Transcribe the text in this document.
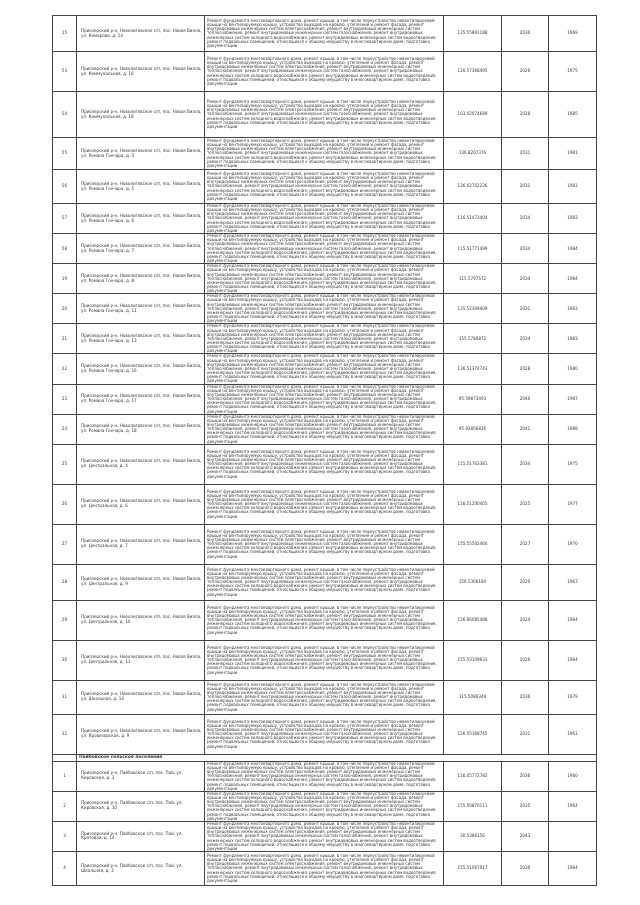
15	Приозерский р-н, Новолиговское с/п, пос. Новая Вилла, ул. Комарова, д. 14	Ремонт фундамента многоквартирного дома, ремонт крыши, в том числе переустройство невентилируемой крыши на вентилируемую крышу, устройство выходов на кровлю, утепление и ремонт фасада, ремонт внутридомовых инженерных систем электроснабжения, ремонт внутридомовых инженерных систем теплоснабжения, ремонт внутридомовых инженерных систем газоснабжения, ремонт внутридомовых инженерных систем холодного водоснабжения, ремонт внутридомовых инженерных систем водоотведения, ремонт подвальных помещений, относящихся к общему имуществу в многоквартирном доме, подготовка документации	135.55891188	2030	1969
53	Приозерский р-н, Новолиговское с/п, пос. Новая Вилла, ул. Коммунальная, д. 16	Ремонт фундамента многоквартирного дома, ремонт крыши, в том числе переустройство невентилируемой крыши на вентилируемую крышу, устройство выходов на кровлю, утепление и ремонт фасада, ремонт внутридомовых инженерных систем электроснабжения, ремонт внутридомовых инженерных систем теплоснабжения, ремонт внутридомовых инженерных систем газоснабжения, ремонт внутридомовых инженерных систем холодного водоснабжения, ремонт внутридомовых инженерных систем водоотведения, ремонт подвальных помещений, относящихся к общему имуществу в многоквартирном доме, подготовка документации	116.57368495	2026	1975
54	Приозерский р-н, Новолиговское с/п, пос. Новая Вилла, ул. Коммунальная, д. 18	Ремонт фундамента многоквартирного дома, ремонт крыши, в том числе переустройство невентилируемой крыши на вентилируемую крышу, устройство выходов на кровлю, утепление и ремонт фасада, ремонт внутридомовых инженерных систем электроснабжения, ремонт внутридомовых инженерных систем теплоснабжения, ремонт внутридомовых инженерных систем газоснабжения, ремонт внутридомовых инженерных систем холодного водоснабжения, ремонт внутридомовых инженерных систем водоотведения, ремонт подвальных помещений, относящихся к общему имуществу в многоквартирном доме, подготовка документации	103.02074689	2028	1985
55	Приозерский р-н, Новолиговское с/п, пос. Новая Вилла, ул. Романа Гончара, д. 3	Ремонт фундамента многоквартирного дома, ремонт крыши, в том числе переустройство невентилируемой крыши на вентилируемую крышу, устройство выходов на кровлю, утепление и ремонт фасада, ремонт внутридомовых инженерных систем электроснабжения, ремонт внутридомовых инженерных систем теплоснабжения, ремонт внутридомовых инженерных систем газоснабжения, ремонт внутридомовых инженерных систем холодного водоснабжения, ремонт внутридомовых инженерных систем водоотведения, ремонт подвальных помещений, относящихся к общему имуществу в многоквартирном доме, подготовка документации	136.8207376	2031	1981
56	Приозерский р-н, Новолиговское с/п, пос. Новая Вилла, ул. Романа Гончара, д. 5	Ремонт фундамента многоквартирного дома, ремонт крыши, в том числе переустройство невентилируемой крыши на вентилируемую крышу, устройство выходов на кровлю, утепление и ремонт фасада, ремонт внутридомовых инженерных систем электроснабжения, ремонт внутридомовых инженерных систем теплоснабжения, ремонт внутридомовых инженерных систем газоснабжения, ремонт внутридомовых инженерных систем холодного водоснабжения, ремонт внутридомовых инженерных систем водоотведения, ремонт подвальных помещений, относящихся к общему имуществу в многоквартирном доме, подготовка документации	136.02702236	2031	1981
57	Приозерский р-н, Новолиговское с/п, пос. Новая Вилла, ул. Романа Гончара, д. 6	Ремонт фундамента многоквартирного дома, ремонт крыши, в том числе переустройство невентилируемой крыши на вентилируемую крышу, устройство выходов на кровлю, утепление и ремонт фасада, ремонт внутридомовых инженерных систем электроснабжения, ремонт внутридомовых инженерных систем теплоснабжения, ремонт внутридомовых инженерных систем газоснабжения, ремонт внутридомовых инженерных систем холодного водоснабжения, ремонт внутридомовых инженерных систем водоотведения, ремонт подвальных помещений, относящихся к общему имуществу в многоквартирном доме, подготовка документации	116.51473404	2034	1983
58	Приозерский р-н, Новолиговское с/п, пос. Новая Вилла, ул. Романа Гончара, д. 7	Ремонт фундамента многоквартирного дома, ремонт крыши, в том числе переустройство невентилируемой крыши на вентилируемую крышу, устройство выходов на кровлю, утепление и ремонт фасада, ремонт внутридомовых инженерных систем электроснабжения, ремонт внутридомовых инженерных систем теплоснабжения, ремонт внутридомовых инженерных систем газоснабжения, ремонт внутридомовых инженерных систем холодного водоснабжения, ремонт внутридомовых инженерных систем водоотведения, ремонт подвальных помещений, относящихся к общему имуществу в многоквартирном доме, подготовка документации	115.51771489	2034	1984
19	Приозерский р-н, Новолиговское с/п, пос. Новая Вилла, ул. Романа Гончара, д. 8	Ремонт фундамента многоквартирного дома, ремонт крыши, в том числе переустройство невентилируемой крыши на вентилируемую крышу, устройство выходов на кровлю, утепление и ремонт фасада, ремонт внутридомовых инженерных систем электроснабжения, ремонт внутридомовых инженерных систем теплоснабжения, ремонт внутридомовых инженерных систем газоснабжения, ремонт внутридомовых инженерных систем холодного водоснабжения, ремонт внутридомовых инженерных систем водоотведения, ремонт подвальных помещений, относящихся к общему имуществу в многоквартирном доме, подготовка документации	115.5797572	2034	1984
20	Приозерский р-н, Новолиговское с/п, пос. Новая Вилла, ул. Романа Гончара, д. 11	Ремонт фундамента многоквартирного дома, ремонт крыши, в том числе переустройство невентилируемой крыши на вентилируемую крышу, устройство выходов на кровлю, утепление и ремонт фасада, ремонт внутридомовых инженерных систем электроснабжения, ремонт внутридомовых инженерных систем теплоснабжения, ремонт внутридомовых инженерных систем газоснабжения, ремонт внутридомовых инженерных систем холодного водоснабжения, ремонт внутридомовых инженерных систем водоотведения, ремонт подвальных помещений, относящихся к общему имуществу в многоквартирном доме, подготовка документации	135.52309409	2031	1983
21	Приозерский р-н, Новолиговское с/п, пос. Новая Вилла, ул. Романа Гончара, д. 13	Ремонт фундамента многоквартирного дома, ремонт крыши, в том числе переустройство невентилируемой крыши на вентилируемую крышу, устройство выходов на кровлю, утепление и ремонт фасада, ремонт внутридомовых инженерных систем электроснабжения, ремонт внутридомовых инженерных систем теплоснабжения, ремонт внутридомовых инженерных систем газоснабжения, ремонт внутридомовых инженерных систем холодного водоснабжения, ремонт внутридомовых инженерных систем водоотведения, ремонт подвальных помещений, относящихся к общему имуществу в многоквартирном доме, подготовка документации	155.5780872	2034	1983
22	Приозерский р-н, Новолиговское с/п, пос. Новая Вилла, ул. Романа Гончара, д. 16	Ремонт фундамента многоквартирного дома, ремонт крыши, в том числе переустройство невентилируемой крыши на вентилируемую крышу, устройство выходов на кровлю, утепление и ремонт фасада, ремонт внутридомовых инженерных систем электроснабжения, ремонт внутридомовых инженерных систем теплоснабжения, ремонт внутридомовых инженерных систем газоснабжения, ремонт внутридомовых инженерных систем холодного водоснабжения, ремонт внутридомовых инженерных систем водоотведения, ремонт подвальных помещений, относящихся к общему имуществу в многоквартирном доме, подготовка документации	136.51374743	2028	1980
23	Приозерский р-н, Новолиговское с/п, пос. Новая Вилла, ул. Романа Гончара, д. 17	Ремонт фундамента многоквартирного дома, ремонт крыши, в том числе переустройство невентилируемой крыши на вентилируемую крышу, устройство выходов на кровлю, утепление и ремонт фасада, ремонт внутридомовых инженерных систем электроснабжения, ремонт внутридомовых инженерных систем теплоснабжения, ремонт внутридомовых инженерных систем газоснабжения, ремонт внутридомовых инженерных систем холодного водоснабжения, ремонт внутридомовых инженерных систем водоотведения, ремонт подвальных помещений, относящихся к общему имуществу в многоквартирном доме, подготовка документации	95.59873493	2040	1987
24	Приозерский р-н, Новолиговское с/п, пос. Новая Вилла, ул. Романа Гончара, д. 18	Ремонт фундамента многоквартирного дома, ремонт крыши, в том числе переустройство невентилируемой крыши на вентилируемую крышу, устройство выходов на кровлю, утепление и ремонт фасада, ремонт внутридомовых инженерных систем электроснабжения, ремонт внутридомовых инженерных систем теплоснабжения, ремонт внутридомовых инженерных систем газоснабжения, ремонт внутридомовых инженерных систем холодного водоснабжения, ремонт внутридомовых инженерных систем водоотведения, ремонт подвальных помещений, относящихся к общему имуществу в многоквартирном доме, подготовка документации	95.92856826	2041	1988
25	Приозерский р-н, Новолиговское с/п, пос. Новая Вилла, ул. Центральная, д. 4	Ремонт фундамента многоквартирного дома, ремонт крыши, в том числе переустройство невентилируемой крыши на вентилируемую крышу, устройство выходов на кровлю, утепление и ремонт фасада, ремонт внутридомовых инженерных систем электроснабжения, ремонт внутридомовых инженерных систем теплоснабжения, ремонт внутридомовых инженерных систем газоснабжения, ремонт внутридомовых инженерных систем холодного водоснабжения, ремонт внутридомовых инженерных систем водоотведения, ремонт подвальных помещений, относящихся к общему имуществу в многоквартирном доме, подготовка документации	115.51763381	2034	1975
26	Приозерский р-н, Новолиговское с/п, пос. Новая Вилла, ул. Центральная, д. 6	Ремонт фундамента многоквартирного дома, ремонт крыши, в том числе переустройство невентилируемой крыши на вентилируемую крышу, устройство выходов на кровлю, утепление и ремонт фасада, ремонт внутридомовых инженерных систем электроснабжения, ремонт внутридомовых инженерных систем теплоснабжения, ремонт внутридомовых инженерных систем газоснабжения, ремонт внутридомовых инженерных систем холодного водоснабжения, ремонт внутридомовых инженерных систем водоотведения, ремонт подвальных помещений, относящихся к общему имуществу в многоквартирном доме, подготовка документации	116.51200405	2025	1977
27	Приозерский р-н, Новолиговское с/п, пос. Новая Вилла, ул. Центральная, д. 7	Ремонт фундамента многоквартирного дома, ремонт крыши, в том числе переустройство невентилируемой крыши на вентилируемую крышу, устройство выходов на кровлю, утепление и ремонт фасада, ремонт внутридомовых инженерных систем электроснабжения, ремонт внутридомовых инженерных систем теплоснабжения, ремонт внутридомовых инженерных систем газоснабжения, ремонт внутридомовых инженерных систем холодного водоснабжения, ремонт внутридомовых инженерных систем водоотведения, ремонт подвальных помещений, относящихся к общему имуществу в многоквартирном доме, подготовка документации	155.55502466	2027	1970
28	Приозерский р-н, Новолиговское с/п, пос. Новая Вилла, ул. Центральная, д. 9	Ремонт фундамента многоквартирного дома, ремонт крыши, в том числе переустройство невентилируемой крыши на вентилируемую крышу, устройство выходов на кровлю, утепление и ремонт фасада, ремонт внутридомовых инженерных систем электроснабжения, ремонт внутридомовых инженерных систем теплоснабжения, ремонт внутридомовых инженерных систем газоснабжения, ремонт внутридомовых инженерных систем холодного водоснабжения, ремонт внутридомовых инженерных систем водоотведения, ремонт подвальных помещений, относящихся к общему имуществу в многоквартирном доме, подготовка документации	156.5366184	2020	1967
29	Приозерский р-н, Новолиговское с/п, пос. Новая Вилла, ул. Центральная, д. 10	Ремонт фундамента многоквартирного дома, ремонт крыши, в том числе переустройство невентилируемой крыши на вентилируемую крышу, устройство выходов на кровлю, утепление и ремонт фасада, ремонт внутридомовых инженерных систем электроснабжения, ремонт внутридомовых инженерных систем теплоснабжения, ремонт внутридомовых инженерных систем газоснабжения, ремонт внутридомовых инженерных систем холодного водоснабжения, ремонт внутридомовых инженерных систем водоотведения, ремонт подвальных помещений, относящихся к общему имуществу в многоквартирном доме, подготовка документации	156.66085488	2024	1964
30	Приозерский р-н, Новолиговское с/п, пос. Новая Вилла, ул. Центральная, д. 11	Ремонт фундамента многоквартирного дома, ремонт крыши, в том числе переустройство невентилируемой крыши на вентилируемую крышу, устройство выходов на кровлю, утепление и ремонт фасада, ремонт внутридомовых инженерных систем электроснабжения, ремонт внутридомовых инженерных систем теплоснабжения, ремонт внутридомовых инженерных систем газоснабжения, ремонт внутридомовых инженерных систем холодного водоснабжения, ремонт внутридомовых инженерных систем водоотведения, ремонт подвальных помещений, относящихся к общему имуществу в многоквартирном доме, подготовка документации	155.53109633	2026	1964
31	Приозерский р-н, Новолиговское с/п, пос. Новая Вилла, ул. Школьная, д. 14	Ремонт фундамента многоквартирного дома, ремонт крыши, в том числе переустройство невентилируемой крыши на вентилируемую крышу, устройство выходов на кровлю, утепление и ремонт фасада, ремонт внутридомовых инженерных систем электроснабжения, ремонт внутридомовых инженерных систем теплоснабжения, ремонт внутридомовых инженерных систем газоснабжения, ремонт внутридомовых инженерных систем холодного водоснабжения, ремонт внутридомовых инженерных систем водоотведения, ремонт подвальных помещений, относящихся к общему имуществу в многоквартирном доме, подготовка документации	115.5086349	2036	1979
32	Приозерский р-н, Новолиговское с/п, пос. Новая Вилла, ул. Яровизорская, д. 9	Ремонт фундамента многоквартирного дома, ремонт крыши, в том числе переустройство невентилируемой крыши на вентилируемую крышу, устройство выходов на кровлю, утепление и ремонт фасада, ремонт внутридомовых инженерных систем электроснабжения, ремонт внутридомовых инженерных систем теплоснабжения, ремонт внутридомовых инженерных систем газоснабжения, ремонт внутридомовых инженерных систем холодного водоснабжения, ремонт внутридомовых инженерных систем водоотведения, ремонт подвальных помещений, относящихся к общему имуществу в многоквартирном доме, подготовка документации	156.55168745	2031	1961
	Пайбовское сельское поселение				
1	Приозерский р-н, Пайбовское с/п, пос. Пай, ул. Кировская, д. 3	Ремонт фундамента многоквартирного дома, ремонт крыши, в том числе переустройство невентилируемой крыши на вентилируемую крышу, устройство выходов на кровлю, утепление и ремонт фасада, ремонт внутридомовых инженерных систем электроснабжения, ремонт внутридомовых инженерных систем теплоснабжения, ремонт внутридомовых инженерных систем газоснабжения, ремонт внутридомовых инженерных систем холодного водоснабжения, ремонт внутридомовых инженерных систем водоотведения, ремонт подвальных помещений, относящихся к общему имуществу в многоквартирном доме, подготовка документации	116.05772782	2036	1960
2	Приозерский р-н, Пайбовское с/п, пос. Пай, ул. Кировская, д. 10	Ремонт фундамента многоквартирного дома, ремонт крыши, в том числе переустройство невентилируемой крыши на вентилируемую крышу, устройство выходов на кровлю, утепление и ремонт фасада, ремонт внутридомовых инженерных систем электроснабжения, ремонт внутридомовых инженерных систем теплоснабжения, ремонт внутридомовых инженерных систем газоснабжения, ремонт внутридомовых инженерных систем холодного водоснабжения, ремонт внутридомовых инженерных систем водоотведения, ремонт подвальных помещений, относящихся к общему имуществу в многоквартирном доме, подготовка документации	155.50870111	2035	1964
3	Приозерский р-н, Пайбовское с/п, пос. Пай, ул. Кратовая, д. 14	Ремонт фундамента многоквартирного дома, ремонт крыши, в том числе переустройство невентилируемой крыши на вентилируемую крышу, устройство выходов на кровлю, утепление и ремонт фасада, ремонт внутридомовых инженерных систем электроснабжения, ремонт внутридомовых инженерных систем теплоснабжения, ремонт внутридомовых инженерных систем газоснабжения, ремонт внутридомовых инженерных систем холодного водоснабжения, ремонт внутридомовых инженерных систем водоотведения, ремонт подвальных помещений, относящихся к общему имуществу в многоквартирном доме, подготовка документации	30.5366156	2043	
4	Приозерский р-н, Пайбовское с/п, пос. Пай, ул. Школьная, д. 3	Ремонт фундамента многоквартирного дома, ремонт крыши, в том числе переустройство невентилируемой крыши на вентилируемую крышу, устройство выходов на кровлю, утепление и ремонт фасада, ремонт внутридомовых инженерных систем электроснабжения, ремонт внутридомовых инженерных систем теплоснабжения, ремонт внутридомовых инженерных систем газоснабжения, ремонт внутридомовых инженерных систем холодного водоснабжения, ремонт внутридомовых инженерных систем водоотведения, ремонт подвальных помещений, относящихся к общему имуществу в многоквартирном доме, подготовка документации	155.51067017	2030	1964
